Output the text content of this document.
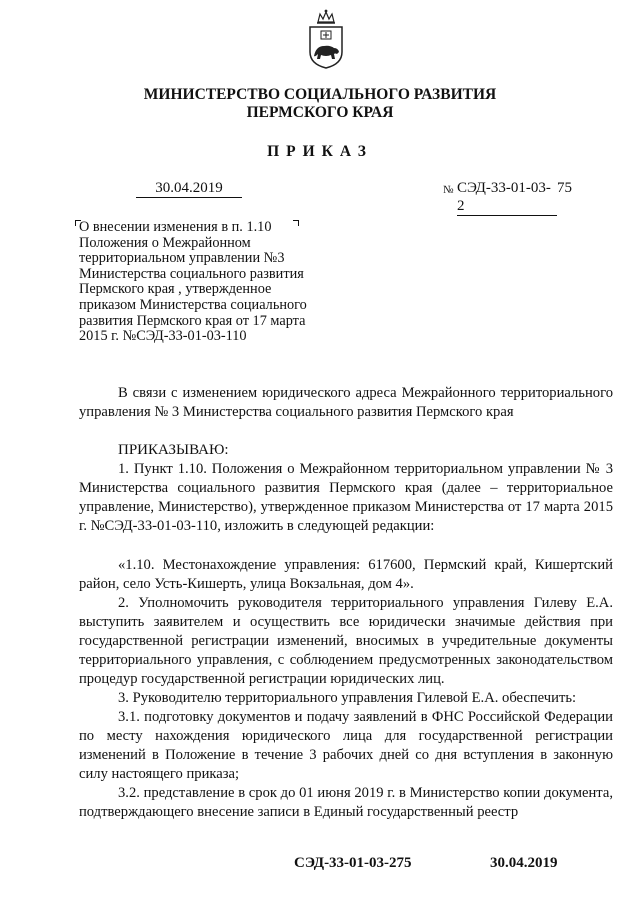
МИНИСТЕРСТВО СОЦИАЛЬНОГО РАЗВИТИЯ
ПЕРМСКОГО КРАЯ
ПРИКАЗ
30.04.2019	№ СЭД-33-01-03-2
75
О внесении изменения в п. 1.10 Положения о Межрайонном территориальном управлении №3 Министерства социального развития Пермского края , утвержденное приказом Министерства социального развития Пермского края от 17 марта 2015 г. №СЭД-33-01-03-110
В связи с изменением юридического адреса Межрайонного территориального управления № 3 Министерства социального развития Пермского края
ПРИКАЗЫВАЮ:
1. Пункт 1.10. Положения о Межрайонном территориальном управлении № 3 Министерства социального развития Пермского края (далее – территориальное управление, Министерство), утвержденное приказом Министерства от 17 марта 2015 г. №СЭД-33-01-03-110, изложить в следующей редакции:
«1.10. Местонахождение управления: 617600, Пермский край, Кишертский район, село Усть-Кишерть, улица Вокзальная, дом 4».
2. Уполномочить руководителя территориального управления Гилеву Е.А. выступить заявителем и осуществить все юридически значимые действия при государственной регистрации изменений, вносимых в учредительные документы территориального управления, с соблюдением предусмотренных законодательством процедур государственной регистрации юридических лиц.
3. Руководителю территориального управления Гилевой Е.А. обеспечить:
3.1. подготовку документов и подачу заявлений в ФНС Российской Федерации по месту нахождения юридического лица для государственной регистрации изменений в Положение в течение 3 рабочих дней со дня вступления в законную силу настоящего приказа;
3.2. представление в срок до 01 июня 2019 г. в Министерство копии документа, подтверждающего внесение записи в Единый государственный реестр
СЭД-33-01-03-275	30.04.2019
